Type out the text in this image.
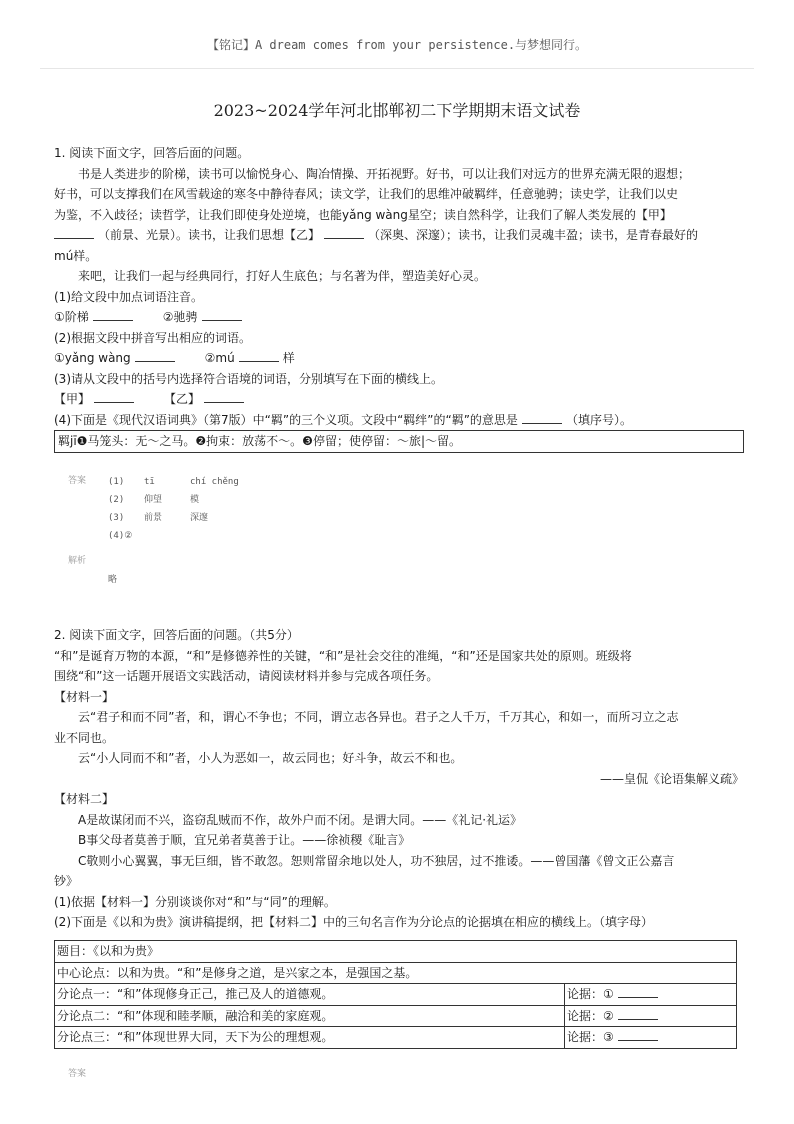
【铭记】A dream comes from your persistence.与梦想同行。
2023~2024学年河北邯郸初二下学期期末语文试卷

1. 阅读下面文字，回答后面的问题。

书是人类进步的阶梯，读书可以愉悦身心、陶冶情操、开拓视野。好书，可以让我们对远方的世界充满无限的遐想；

好书，可以支撑我们在风雪载途的寒冬中静待春风；读文学，让我们的思维冲破羁绊，任意驰骋；读史学，让我们以史

为鉴，不入歧径；读哲学，让我们即使身处逆境，也能yǎng wàng星空；读自然科学，让我们了解人类发展的【甲】

（前景、光景）。读书，让我们思想【乙】	（深奥、深邃）；读书，让我们灵魂丰盈；读书，是青春最好的

mú样。

来吧，让我们一起与经典同行，打好人生底色；与名著为伴，塑造美好心灵。

(1)给文段中加点词语注音。

①阶梯	②驰骋

(2)根据文段中拼音写出相应的词语。

①yǎng wàng	②mú	样

(3)请从文段中的括号内选择符合语境的词语，分别填写在下面的横线上。

【甲】	【乙】

(4)下面是《现代汉语词典》（第7版）中“羁”的三个义项。文段中“羁绊”的“羁”的意思是	（填序号）。

羁jī❶马笼头：无～之马。❷拘束：放荡不～。❸停留；使停留：～旅|～留。

答案 (1) tī	chí chěng
(2) 仰望	模
(3) 前景	深邃
(4)②
解析
略

2. 阅读下面文字，回答后面的问题。（共5分）

“和”是诞育万物的本源，“和”是修德养性的关键，“和”是社会交往的准绳，“和”还是国家共处的原则。班级将

围绕“和”这一话题开展语文实践活动，请阅读材料并参与完成各项任务。

【材料一】

云“君子和而不同”者，和，谓心不争也；不同，谓立志各异也。君子之人千万，千万其心，和如一，而所习立之志

业不同也。

云“小人同而不和”者，小人为恶如一，故云同也；好斗争，故云不和也。

——皇侃《论语集解义疏》

【材料二】

A是故谋闭而不兴，盗窃乱贼而不作，故外户而不闭。是谓大同。——《礼记·礼运》

B事父母者莫善于顺，宜兄弟者莫善于让。——徐祯稷《耻言》

C敬则小心翼翼，事无巨细，皆不敢忽。恕则常留余地以处人，功不独居，过不推诿。——曾国藩《曾文正公嘉言

钞》

(1)依据【材料一】分别谈谈你对“和”与“同”的理解。

(2)下面是《以和为贵》演讲稿提纲，把【材料二】中的三句名言作为分论点的论据填在相应的横线上。（填字母）

题目：《以和为贵》	
中心论点：以和为贵。“和”是修身之道，是兴家之本，是强国之基。	
分论点一：“和”体现修身正己，推己及人的道德观。	论据：①
分论点二：“和”体现和睦孝顺，融洽和美的家庭观。	论据：②
分论点三：“和”体现世界大同，天下为公的理想观。	论据：③
答案
